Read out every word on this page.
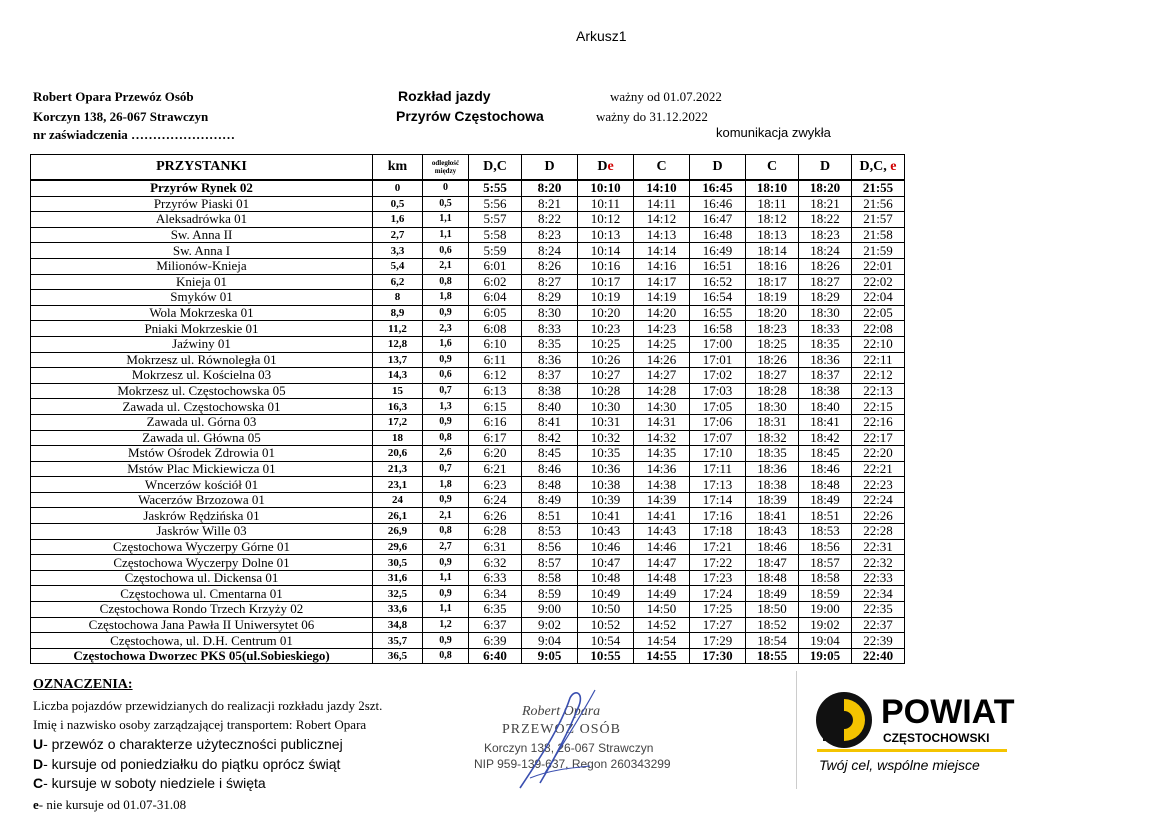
Arkusz1
Robert Opara Przewóz Osób
Korczyn 138, 26-067 Strawczyn
nr zaświadczenia ……………………
Rozkład jazdy
Przyrów Częstochowa
ważny od 01.07.2022
ważny do 31.12.2022
komunikacja zwykła
PRZYSTANKI	km	odległość między	D,C	D	De	C	D	C	D	D,C, e
Przyrów Rynek 02	0	0	5:55	8:20	10:10	14:10	16:45	18:10	18:20	21:55
Przyrów Piaski 01	0,5	0,5	5:56	8:21	10:11	14:11	16:46	18:11	18:21	21:56
Aleksadrówka 01	1,6	1,1	5:57	8:22	10:12	14:12	16:47	18:12	18:22	21:57
Sw. Anna II	2,7	1,1	5:58	8:23	10:13	14:13	16:48	18:13	18:23	21:58
Sw. Anna I	3,3	0,6	5:59	8:24	10:14	14:14	16:49	18:14	18:24	21:59
Milionów-Knieja	5,4	2,1	6:01	8:26	10:16	14:16	16:51	18:16	18:26	22:01
Knieja 01	6,2	0,8	6:02	8:27	10:17	14:17	16:52	18:17	18:27	22:02
Smyków 01	8	1,8	6:04	8:29	10:19	14:19	16:54	18:19	18:29	22:04
Wola Mokrzeska 01	8,9	0,9	6:05	8:30	10:20	14:20	16:55	18:20	18:30	22:05
Pniaki Mokrzeskie 01	11,2	2,3	6:08	8:33	10:23	14:23	16:58	18:23	18:33	22:08
Jaźwiny 01	12,8	1,6	6:10	8:35	10:25	14:25	17:00	18:25	18:35	22:10
Mokrzesz ul. Równoległa 01	13,7	0,9	6:11	8:36	10:26	14:26	17:01	18:26	18:36	22:11
Mokrzesz ul. Kościelna 03	14,3	0,6	6:12	8:37	10:27	14:27	17:02	18:27	18:37	22:12
Mokrzesz ul. Częstochowska 05	15	0,7	6:13	8:38	10:28	14:28	17:03	18:28	18:38	22:13
Zawada ul. Częstochowska 01	16,3	1,3	6:15	8:40	10:30	14:30	17:05	18:30	18:40	22:15
Zawada ul. Górna 03	17,2	0,9	6:16	8:41	10:31	14:31	17:06	18:31	18:41	22:16
Zawada ul. Główna 05	18	0,8	6:17	8:42	10:32	14:32	17:07	18:32	18:42	22:17
Mstów Ośrodek Zdrowia 01	20,6	2,6	6:20	8:45	10:35	14:35	17:10	18:35	18:45	22:20
Mstów Plac Mickiewicza 01	21,3	0,7	6:21	8:46	10:36	14:36	17:11	18:36	18:46	22:21
Wncerzów kościół 01	23,1	1,8	6:23	8:48	10:38	14:38	17:13	18:38	18:48	22:23
Wacerzów Brzozowa 01	24	0,9	6:24	8:49	10:39	14:39	17:14	18:39	18:49	22:24
Jaskrów Rędzińska 01	26,1	2,1	6:26	8:51	10:41	14:41	17:16	18:41	18:51	22:26
Jaskrów Wille 03	26,9	0,8	6:28	8:53	10:43	14:43	17:18	18:43	18:53	22:28
Częstochowa Wyczerpy Górne 01	29,6	2,7	6:31	8:56	10:46	14:46	17:21	18:46	18:56	22:31
Częstochowa Wyczerpy Dolne 01	30,5	0,9	6:32	8:57	10:47	14:47	17:22	18:47	18:57	22:32
Częstochowa ul. Dickensa 01	31,6	1,1	6:33	8:58	10:48	14:48	17:23	18:48	18:58	22:33
Częstochowa ul. Cmentarna 01	32,5	0,9	6:34	8:59	10:49	14:49	17:24	18:49	18:59	22:34
Częstochowa Rondo Trzech Krzyży 02	33,6	1,1	6:35	9:00	10:50	14:50	17:25	18:50	19:00	22:35
Częstochowa Jana Pawła II Uniwersytet 06	34,8	1,2	6:37	9:02	10:52	14:52	17:27	18:52	19:02	22:37
Częstochowa, ul. D.H. Centrum 01	35,7	0,9	6:39	9:04	10:54	14:54	17:29	18:54	19:04	22:39
Częstochowa Dworzec PKS 05(ul.Sobieskiego)	36,5	0,8	6:40	9:05	10:55	14:55	17:30	18:55	19:05	22:40
OZNACZENIA:
Liczba pojazdów przewidzianych do realizacji rozkładu jazdy 2szt.
Imię i nazwisko osoby zarządzającej transportem: Robert Opara
U- przewóz o charakterze użyteczności publicznej
D- kursuje od poniedziałku do piątku oprócz świąt
C- kursuje w soboty niedziele i święta
e- nie kursuje od 01.07-31.08
Robert Opara
PRZEWÓZ OSÓB
Korczyn 138, 26-067 Strawczyn
NIP 959-139-637, Regon 260343299
POWIAT
CZĘSTOCHOWSKI
Twój cel, wspólne miejsce
